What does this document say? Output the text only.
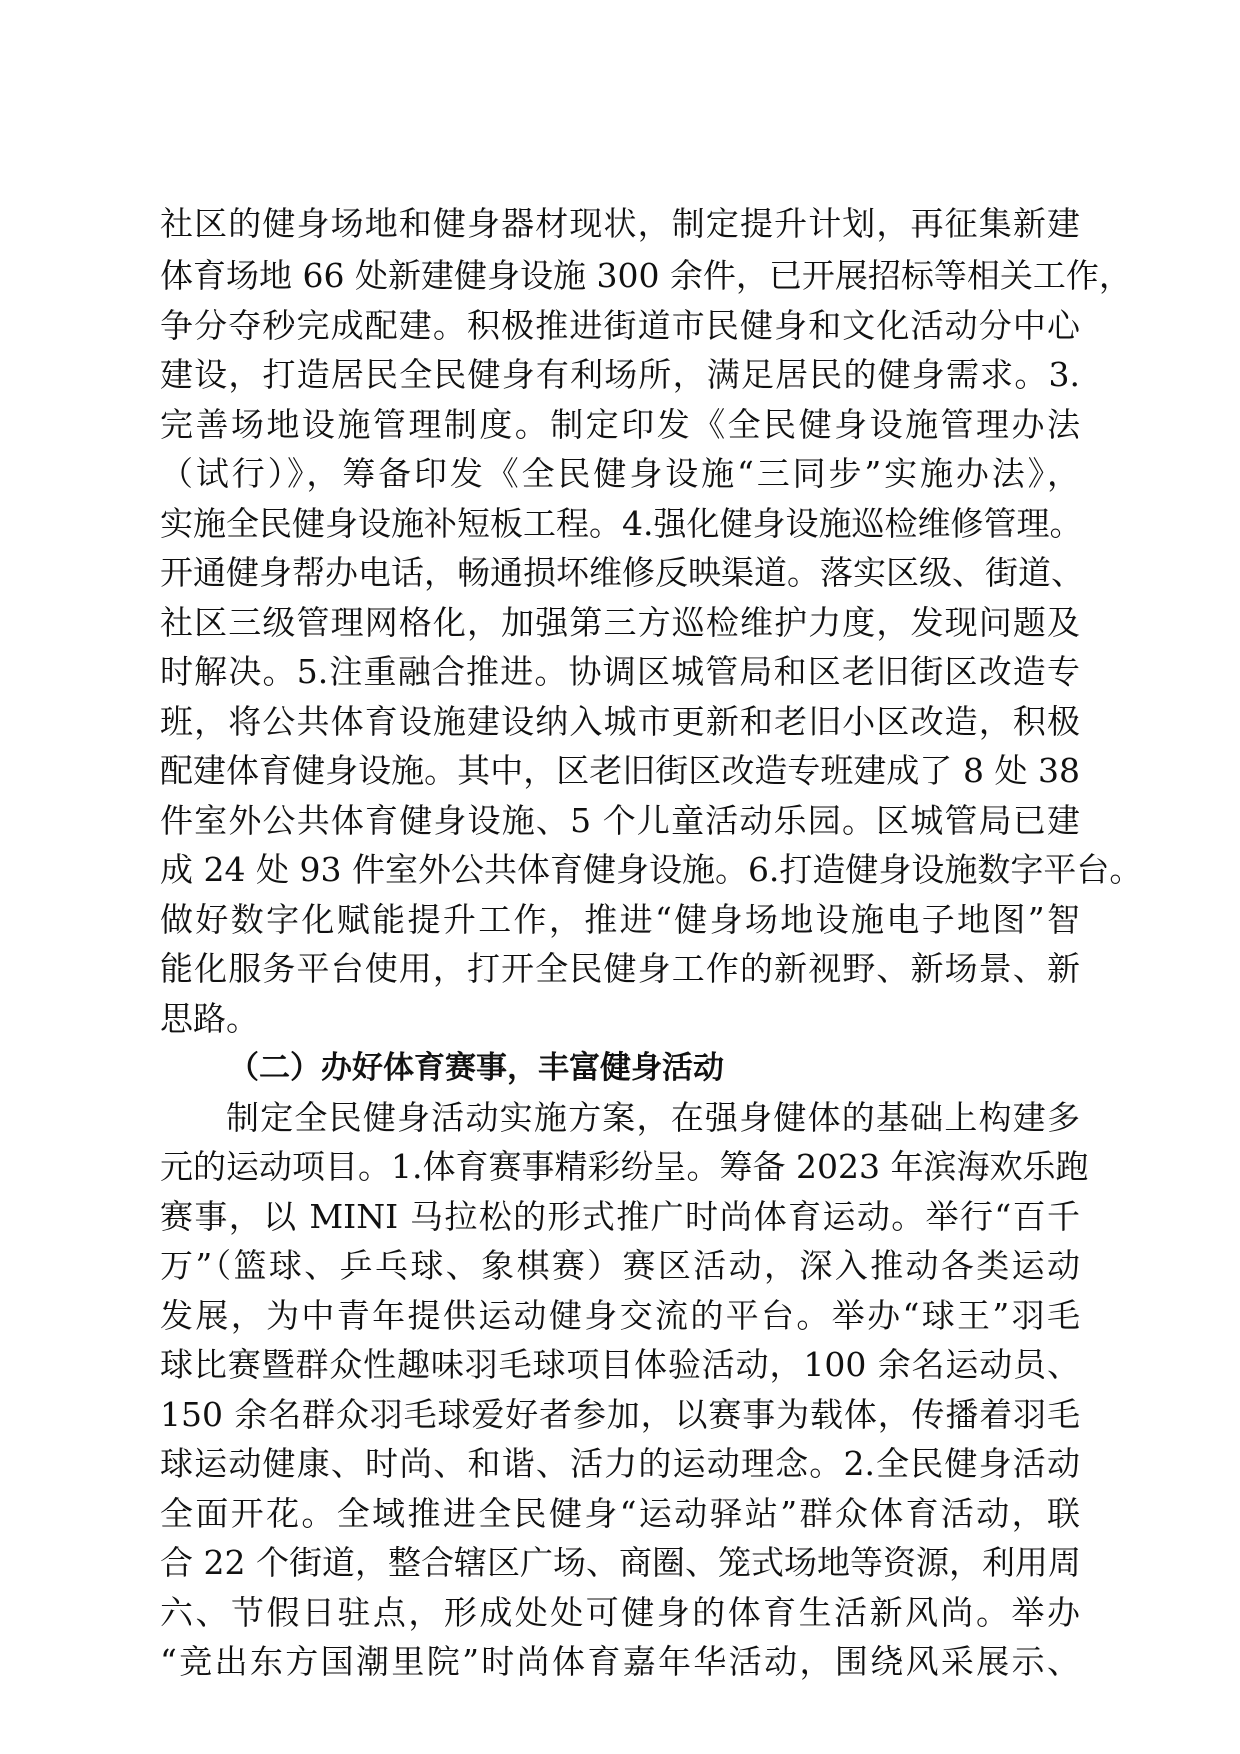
社区的健身场地和健身器材现状，制定提升计划，再征集新建
体育场地 66 处新建健身设施 300 余件，已开展招标等相关工作，
争分夺秒完成配建。积极推进街道市民健身和文化活动分中心
建设，打造居民全民健身有利场所，满足居民的健身需求。3.
完善场地设施管理制度。制定印发《全民健身设施管理办法
（试行）》，筹备印发《全民健身设施“三同步”实施办法》，
实施全民健身设施补短板工程。4.强化健身设施巡检维修管理。
开通健身帮办电话，畅通损坏维修反映渠道。落实区级、街道、
社区三级管理网格化，加强第三方巡检维护力度，发现问题及
时解决。5.注重融合推进。协调区城管局和区老旧街区改造专
班，将公共体育设施建设纳入城市更新和老旧小区改造，积极
配建体育健身设施。其中，区老旧街区改造专班建成了 8 处 38
件室外公共体育健身设施、5 个儿童活动乐园。区城管局已建
成 24 处 93 件室外公共体育健身设施。6.打造健身设施数字平台。
做好数字化赋能提升工作，推进“健身场地设施电子地图”智
能化服务平台使用，打开全民健身工作的新视野、新场景、新
思路。
（二）办好体育赛事，丰富健身活动
制定全民健身活动实施方案，在强身健体的基础上构建多
元的运动项目。1.体育赛事精彩纷呈。筹备 2023 年滨海欢乐跑
赛事，以 MINI 马拉松的形式推广时尚体育运动。举行“百千
万”（篮球、乒乓球、象棋赛）赛区活动，深入推动各类运动
发展，为中青年提供运动健身交流的平台。举办“球王”羽毛
球比赛暨群众性趣味羽毛球项目体验活动，100 余名运动员、
150 余名群众羽毛球爱好者参加，以赛事为载体，传播着羽毛
球运动健康、时尚、和谐、活力的运动理念。2.全民健身活动
全面开花。全域推进全民健身“运动驿站”群众体育活动，联
合 22 个街道，整合辖区广场、商圈、笼式场地等资源，利用周
六、节假日驻点，形成处处可健身的体育生活新风尚。举办
“竞出东方国潮里院”时尚体育嘉年华活动，围绕风采展示、
